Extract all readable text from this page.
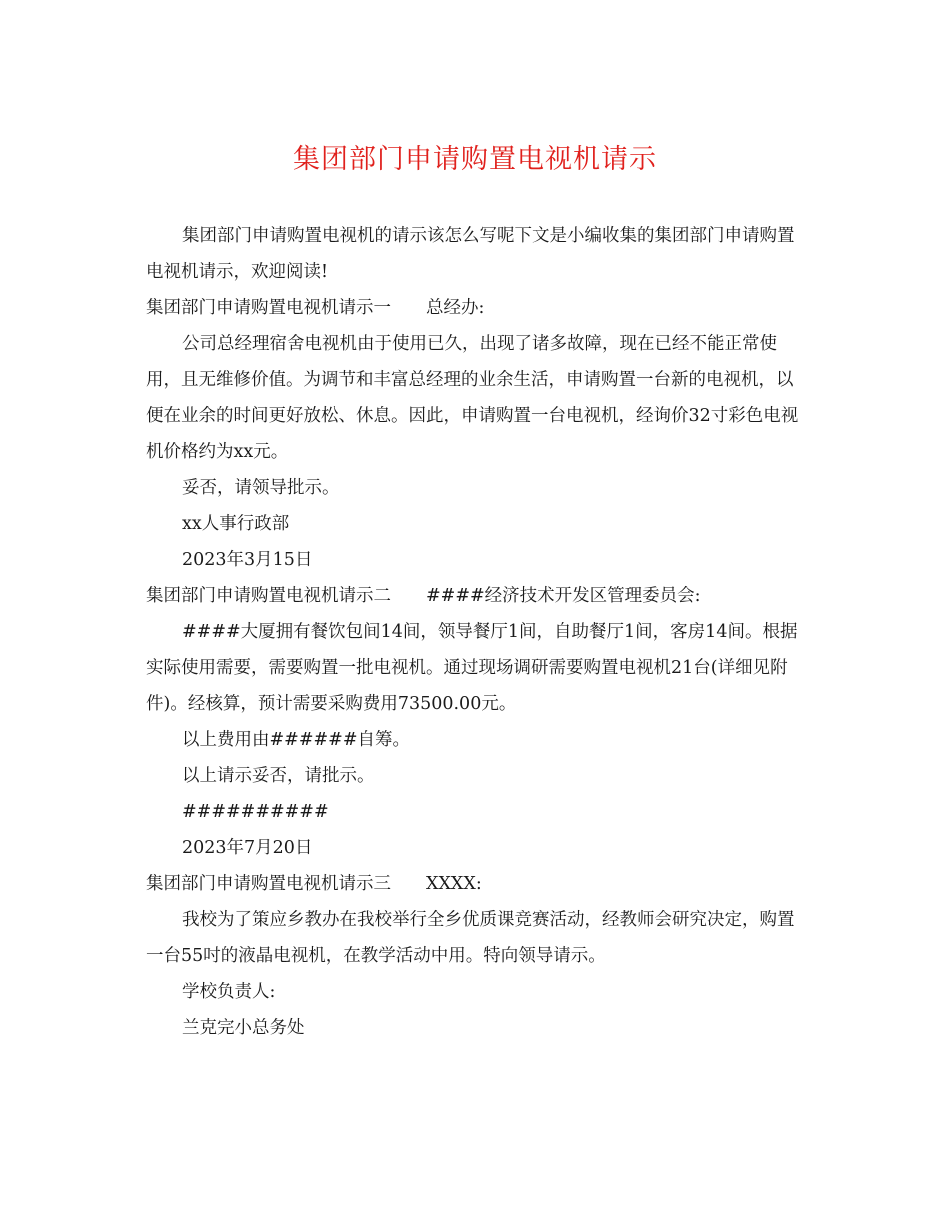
集团部门申请购置电视机请示

集团部门申请购置电视机的请示该怎么写呢下文是小编收集的集团部门申请购置电视机请示，欢迎阅读!

集团部门申请购置电视机请示一　　总经办:

公司总经理宿舍电视机由于使用已久，出现了诸多故障，现在已经不能正常使用，且无维修价值。为调节和丰富总经理的业余生活，申请购置一台新的电视机，以便在业余的时间更好放松、休息。因此，申请购置一台电视机，经询价32寸彩色电视机价格约为xx元。

妥否，请领导批示。

xx人事行政部

2023年3月15日

集团部门申请购置电视机请示二　　####经济技术开发区管理委员会:

####大厦拥有餐饮包间14间，领导餐厅1间，自助餐厅1间，客房14间。根据实际使用需要，需要购置一批电视机。通过现场调研需要购置电视机21台(详细见附件)。经核算，预计需要采购费用73500.00元。

以上费用由######自筹。

以上请示妥否，请批示。

##########

2023年7月20日

集团部门申请购置电视机请示三　　XXXX:

我校为了策应乡教办在我校举行全乡优质课竞赛活动，经教师会研究决定，购置一台55吋的液晶电视机，在教学活动中用。特向领导请示。

学校负责人:

兰克完小总务处
